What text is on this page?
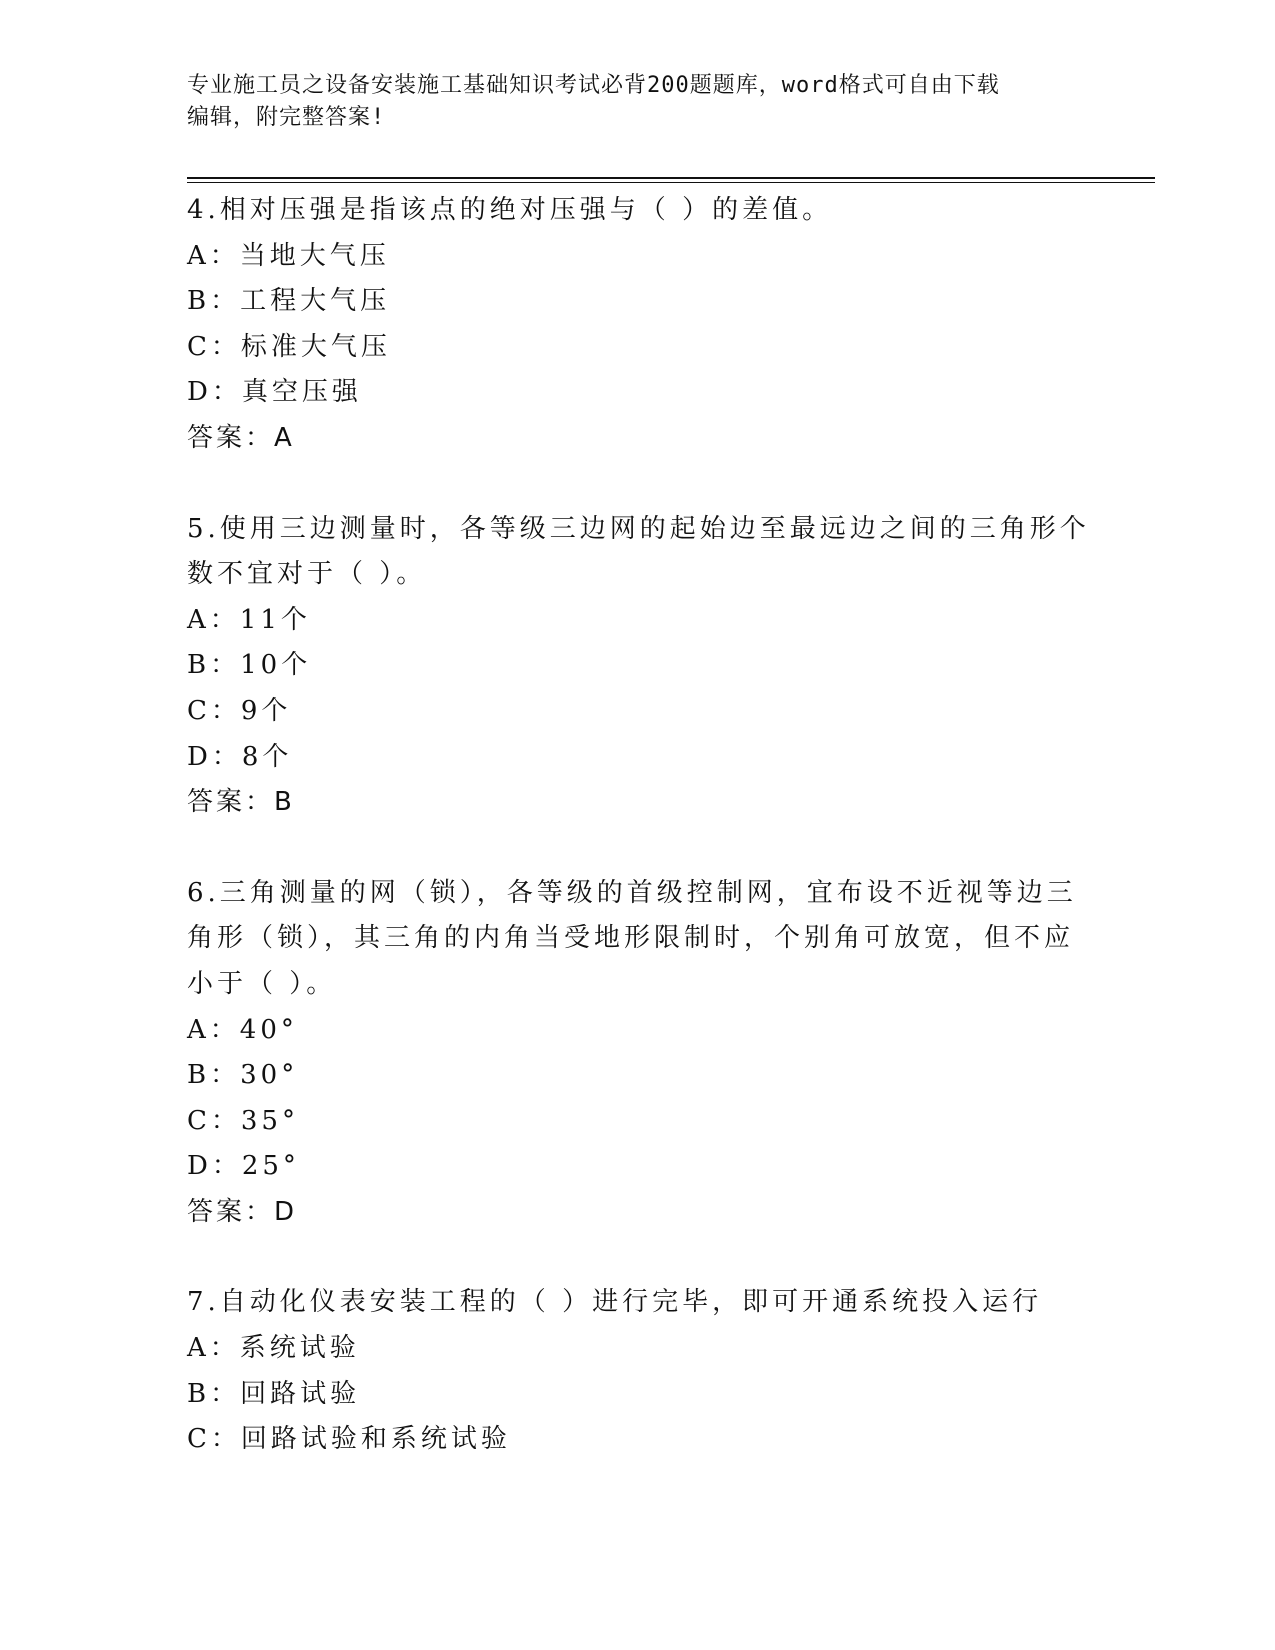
专业施工员之设备安装施工基础知识考试必背200题题库，word格式可自由下载
编辑，附完整答案!
4.相对压强是指该点的绝对压强与（ ）的差值。
A：当地大气压
B：工程大气压
C：标准大气压
D：真空压强
答案：A
5.使用三边测量时，各等级三边网的起始边至最远边之间的三角形个
数不宜对于（ ）。
A：11个
B：10个
C：9个
D：8个
答案：B
6.三角测量的网（锁），各等级的首级控制网，宜布设不近视等边三
角形（锁），其三角的内角当受地形限制时，个别角可放宽，但不应
小于（ ）。
A：40°
B：30°
C：35°
D：25°
答案：D
7.自动化仪表安装工程的（ ）进行完毕，即可开通系统投入运行
A：系统试验
B：回路试验
C：回路试验和系统试验
